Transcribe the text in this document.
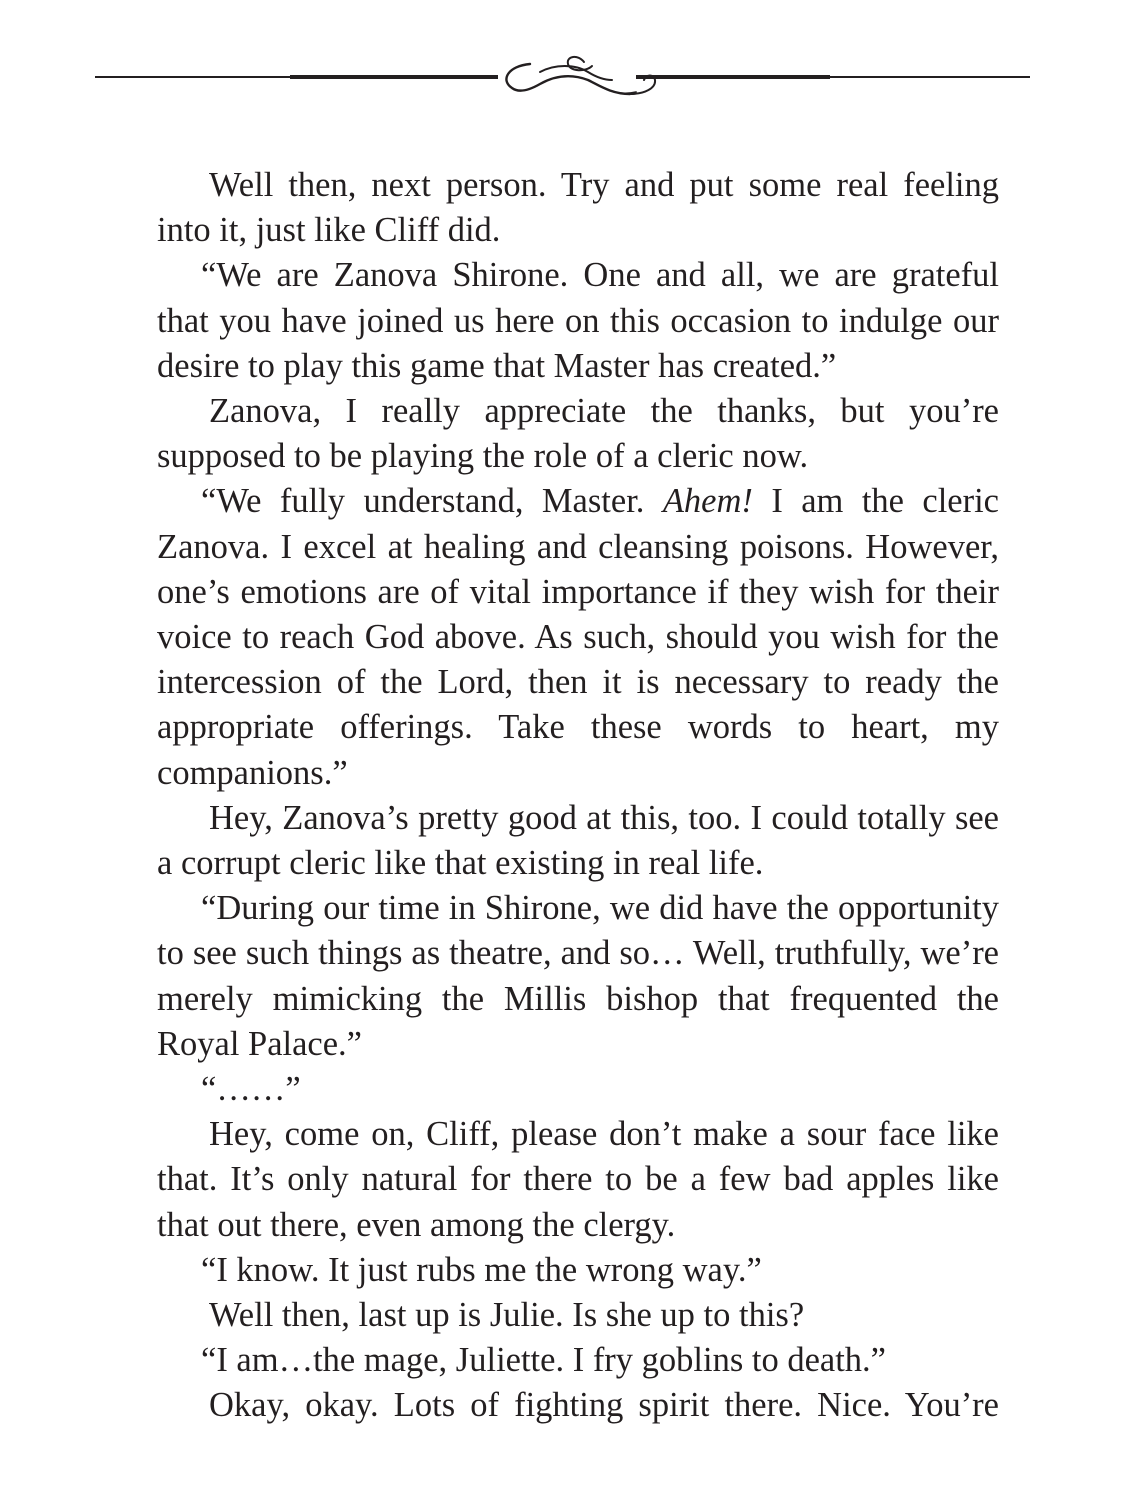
Well then, next person. Try and put some real feeling into it, just like Cliff did.

“We are Zanova Shirone. One and all, we are grateful that you have joined us here on this occasion to indulge our desire to play this game that Master has created.”

Zanova, I really appreciate the thanks, but you’re supposed to be playing the role of a cleric now.

“We fully understand, Master. Ahem! I am the cleric Zanova. I excel at healing and cleansing poisons. However, one’s emotions are of vital importance if they wish for their voice to reach God above. As such, should you wish for the intercession of the Lord, then it is necessary to ready the appropriate offerings. Take these words to heart, my companions.”

Hey, Zanova’s pretty good at this, too. I could totally see a corrupt cleric like that existing in real life.

“During our time in Shirone, we did have the opportunity to see such things as theatre, and so… Well, truthfully, we’re merely mimicking the Millis bishop that frequented the Royal Palace.”

“……”

Hey, come on, Cliff, please don’t make a sour face like that. It’s only natural for there to be a few bad apples like that out there, even among the clergy.

“I know. It just rubs me the wrong way.”

Well then, last up is Julie. Is she up to this?

“I am…the mage, Juliette. I fry goblins to death.”

Okay, okay. Lots of fighting spirit there. Nice. You’re
